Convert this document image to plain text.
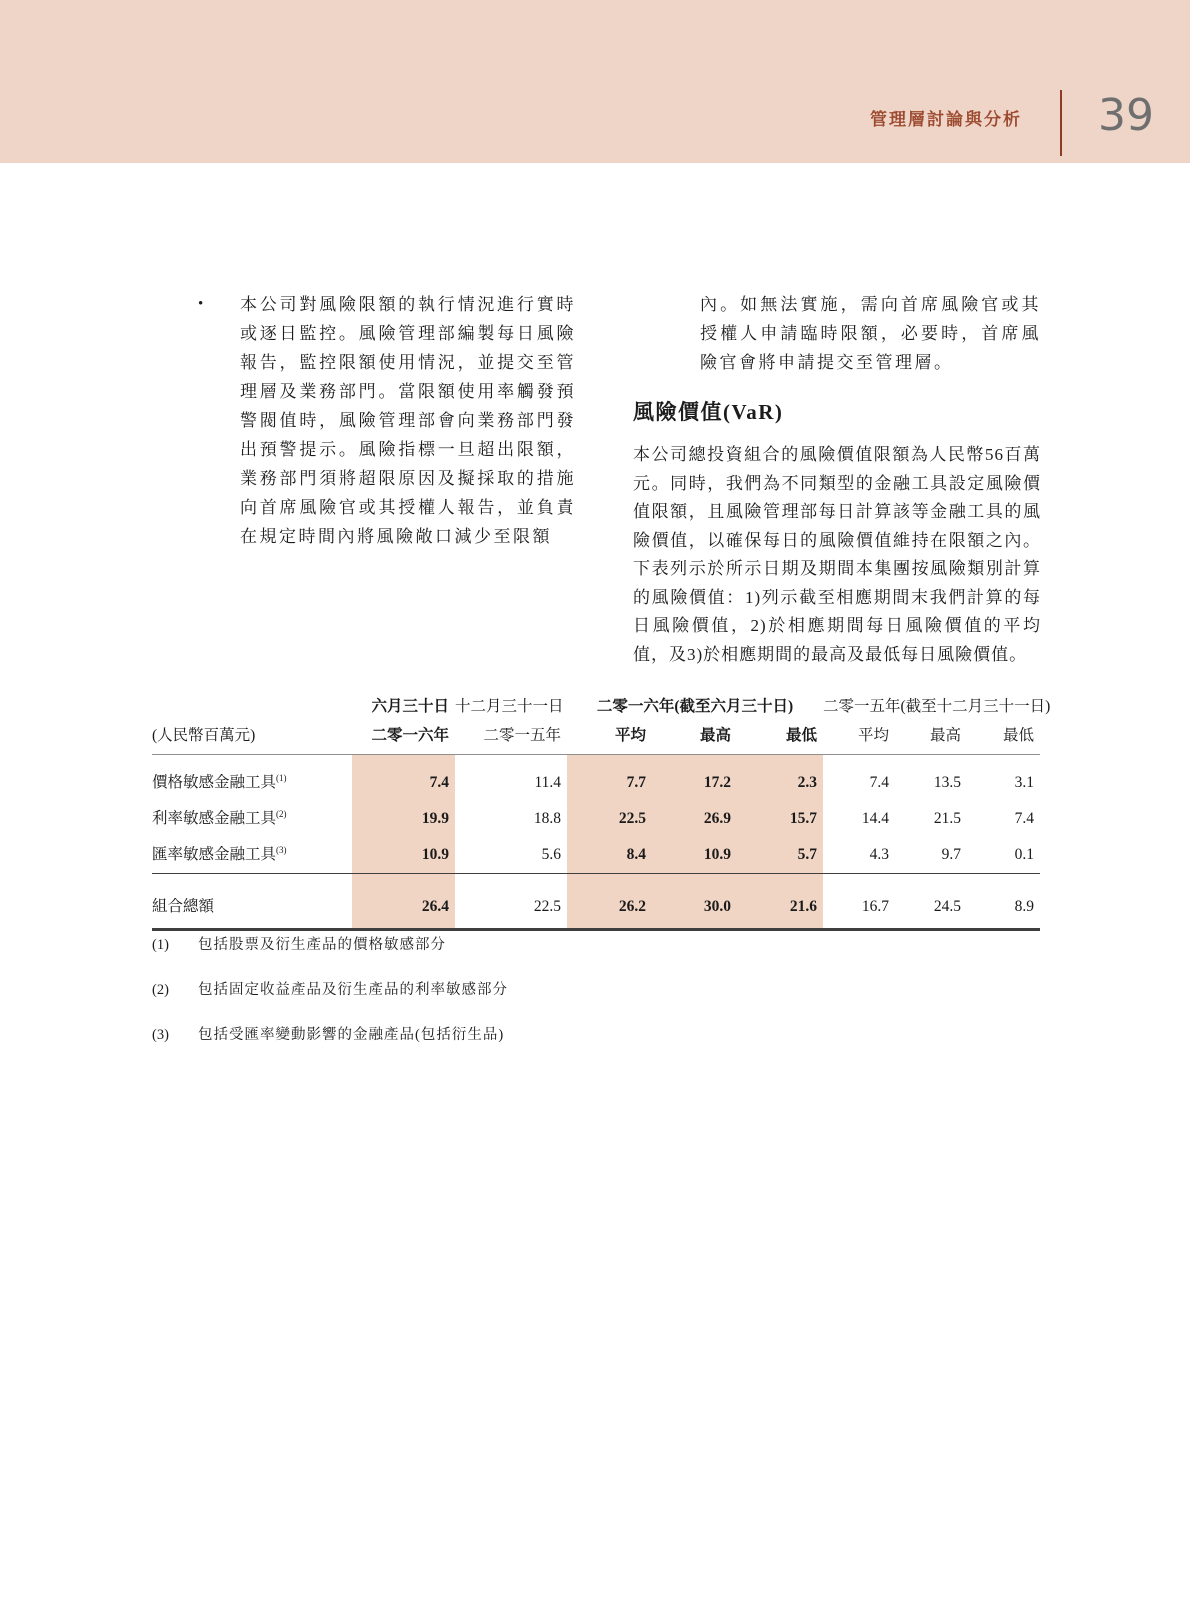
管理層討論與分析 39
•	本公司對風險限額的執行情況進行實時或逐日監控。風險管理部編製每日風險報告，監控限額使用情況，並提交至管理層及業務部門。當限額使用率觸發預警閥值時，風險管理部會向業務部門發出預警提示。風險指標一旦超出限額，業務部門須將超限原因及擬採取的措施向首席風險官或其授權人報告，並負責在規定時間內將風險敞口減少至限額
內。如無法實施，需向首席風險官或其授權人申請臨時限額，必要時，首席風險官會將申請提交至管理層。
風險價值(VaR)
本公司總投資組合的風險價值限額為人民幣56百萬元。同時，我們為不同類型的金融工具設定風險價值限額，且風險管理部每日計算該等金融工具的風險價值，以確保每日的風險價值維持在限額之內。下表列示於所示日期及期間本集團按風險類別計算的風險價值：1)列示截至相應期間末我們計算的每日風險價值，2)於相應期間每日風險價值的平均值，及3)於相應期間的最高及最低每日風險價值。
	六月三十日	十二月三十一日	二零一六年(截至六月三十日)			二零一五年(截至十二月三十一日)		
(人民幣百萬元)	二零一六年	二零一五年	平均	最高	最低	平均	最高	最低
價格敏感金融工具$^{(1)}$	7.4	11.4	7.7	17.2	2.3	7.4	13.5	3.1
利率敏感金融工具$^{(2)}$	19.9	18.8	22.5	26.9	15.7	14.4	21.5	7.4
匯率敏感金融工具$^{(3)}$	10.9	5.6	8.4	10.9	5.7	4.3	9.7	0.1

組合總額	26.4	22.5	26.2	30.0	21.6	16.7	24.5	8.9
(1)	包括股票及衍生產品的價格敏感部分
(2)	包括固定收益產品及衍生產品的利率敏感部分
(3)	包括受匯率變動影響的金融產品(包括衍生品)
